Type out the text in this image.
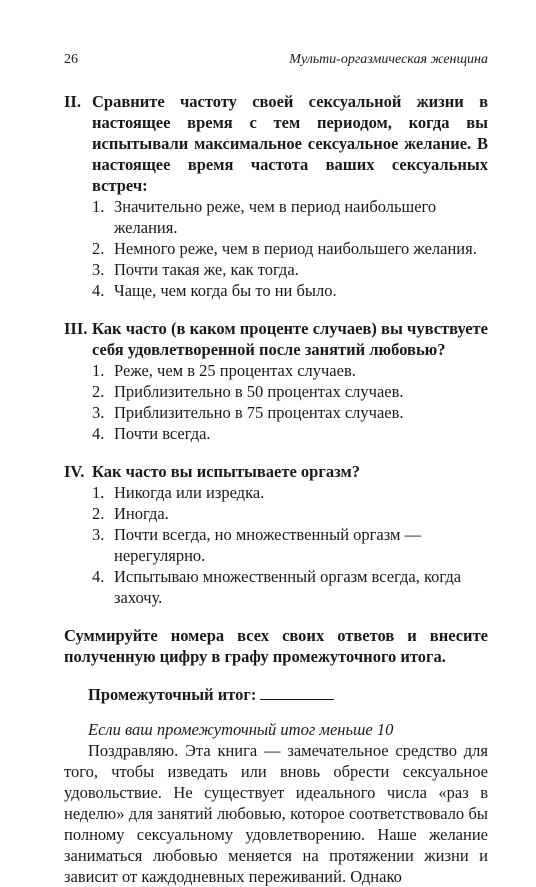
26	Мульти-оргазмическая женщина
II. Сравните частоту своей сексуальной жизни в настоящее время с тем периодом, когда вы испытывали максимальное сексуальное желание. В настоящее время частота ваших сексуальных встреч:
1. Значительно реже, чем в период наибольшего желания.
2. Немного реже, чем в период наибольшего желания.
3. Почти такая же, как тогда.
4. Чаще, чем когда бы то ни было.
III. Как часто (в каком проценте случаев) вы чувствуете себя удовлетворенной после занятий любовью?
1. Реже, чем в 25 процентах случаев.
2. Приблизительно в 50 процентах случаев.
3. Приблизительно в 75 процентах случаев.
4. Почти всегда.
IV. Как часто вы испытываете оргазм?
1. Никогда или изредка.
2. Иногда.
3. Почти всегда, но множественный оргазм — нерегулярно.
4. Испытываю множественный оргазм всегда, когда захочу.

Суммируйте номера всех своих ответов и внесите полученную цифру в графу промежуточного итога.

Промежуточный итог:
Если ваш промежуточный итог меньше 10

Поздравляю. Эта книга — замечательное средство для того, чтобы изведать или вновь обрести сексуальное удовольствие. Не существует идеального числа «раз в неделю» для занятий любовью, которое соответствовало бы полному сексуальному удовлетворению. Наше желание заниматься любовью меняется на протяжении жизни и зависит от каждодневных переживаний. Однако
